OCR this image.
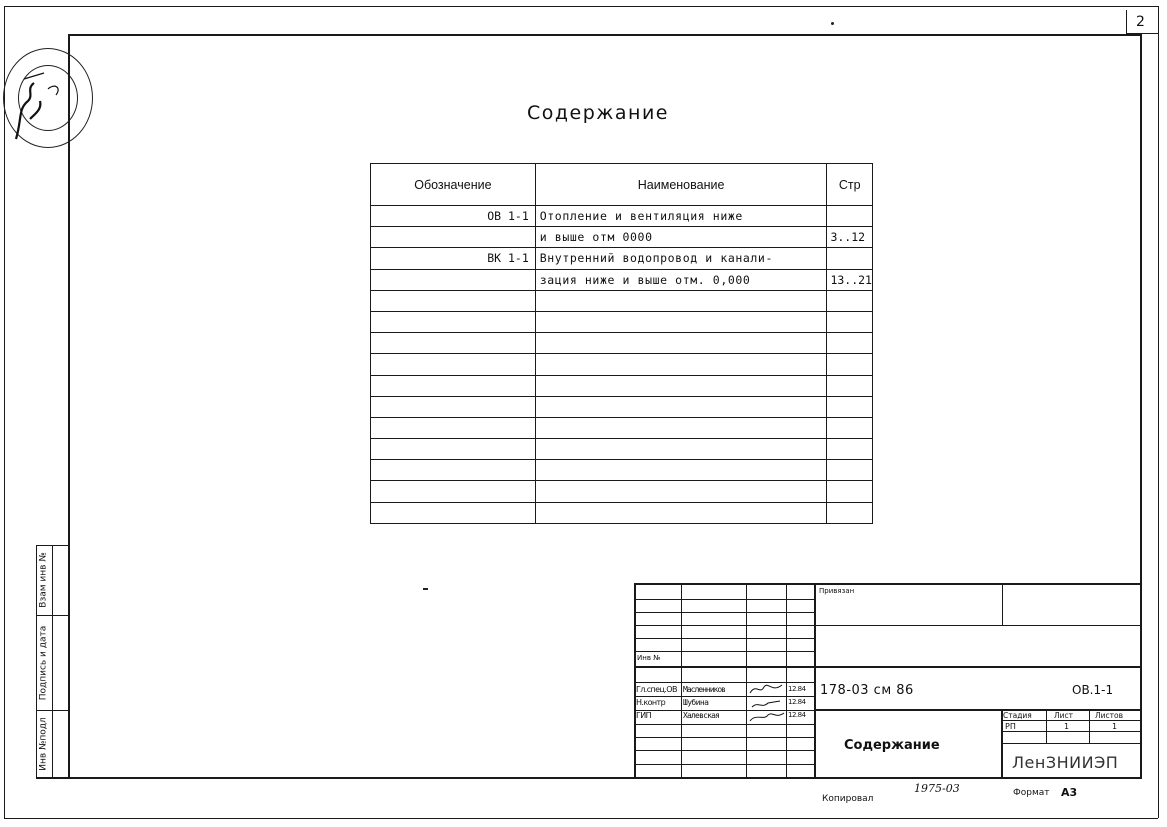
2
Инв №подл
Подпись и дата
Взам инв №
Содержание
Обозначение	Наименование	Стр
ОВ 1-1	Отопление и вентиляция ниже	
	и выше отм 0000	3..12
ВК 1-1	Внутренний водопровод и канали-	
	зация ниже и выше отм. 0,000	13..21

Привязан
Инв №
Гл.спец.ОВ Масленников	12.84
Н.контр Шубина	12.84
ГИП	Халевская	12.84
178-03 см 86	ОВ.1-1
Содержание
Стадия	Лист	Листов
РП	1	1
ЛенЗНИИЭП
Копировал
1975-03	Формат А3
